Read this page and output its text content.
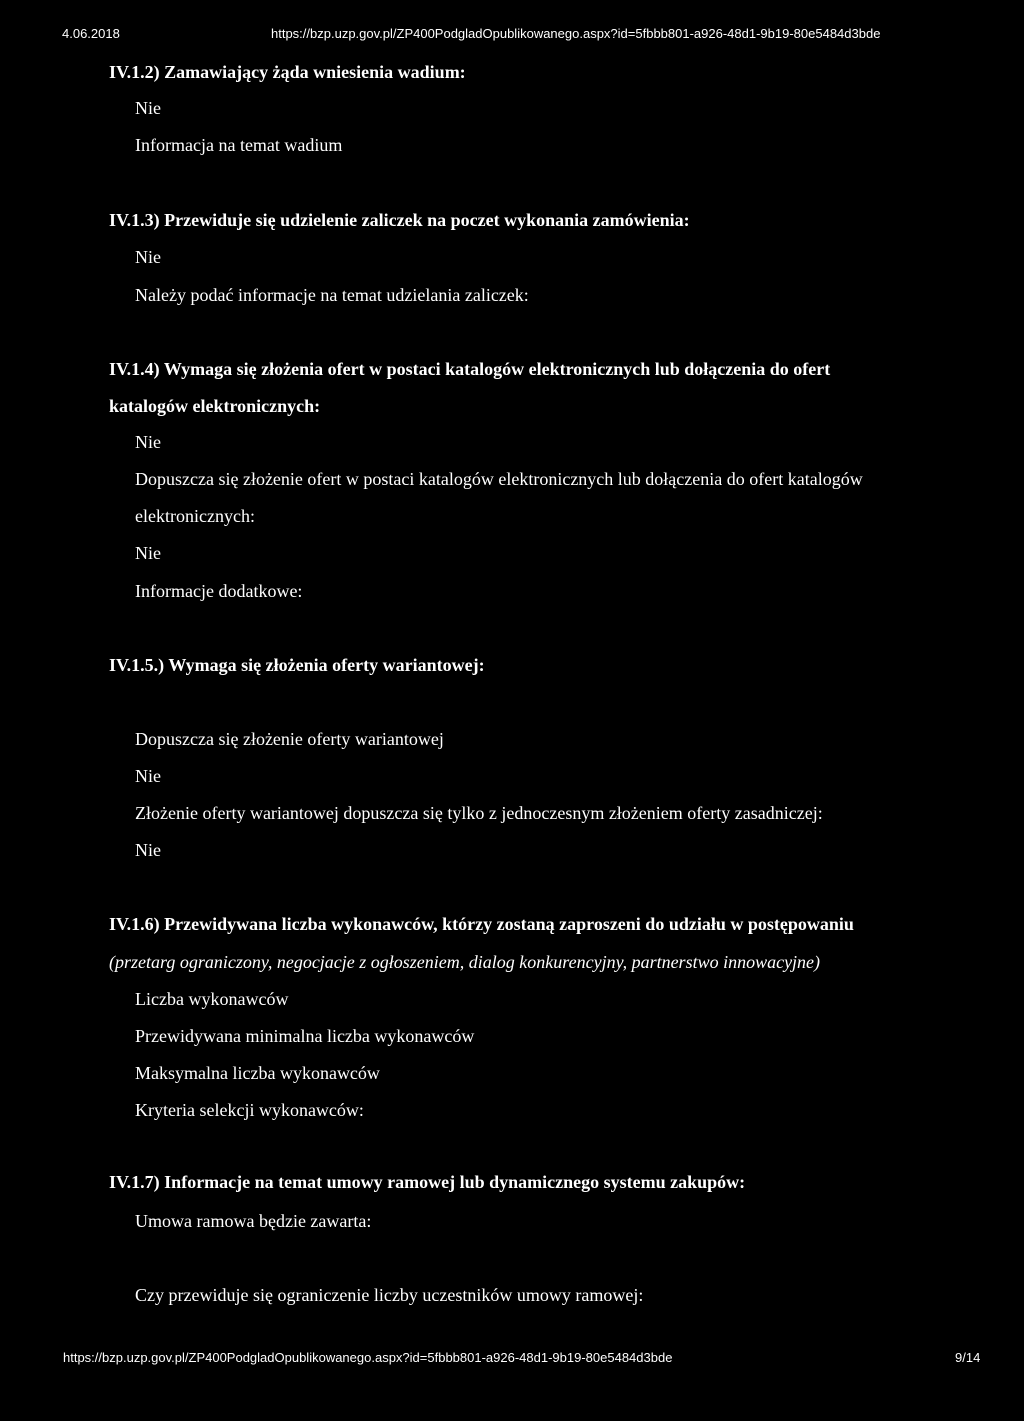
4.06.2018	https://bzp.uzp.gov.pl/ZP400PodgladOpublikowanego.aspx?id=5fbbb801-a926-48d1-9b19-80e5484d3bde
IV.1.2) Zamawiający żąda wniesienia wadium:
Nie
Informacja na temat wadium
IV.1.3) Przewiduje się udzielenie zaliczek na poczet wykonania zamówienia:
Nie
Należy podać informacje na temat udzielania zaliczek:
IV.1.4) Wymaga się złożenia ofert w postaci katalogów elektronicznych lub dołączenia do ofert
katalogów elektronicznych:
Nie
Dopuszcza się złożenie ofert w postaci katalogów elektronicznych lub dołączenia do ofert katalogów
elektronicznych:
Nie
Informacje dodatkowe:
IV.1.5.) Wymaga się złożenia oferty wariantowej:
Dopuszcza się złożenie oferty wariantowej
Nie
Złożenie oferty wariantowej dopuszcza się tylko z jednoczesnym złożeniem oferty zasadniczej:
Nie
IV.1.6) Przewidywana liczba wykonawców, którzy zostaną zaproszeni do udziału w postępowaniu
(przetarg ograniczony, negocjacje z ogłoszeniem, dialog konkurencyjny, partnerstwo innowacyjne)
Liczba wykonawców
Przewidywana minimalna liczba wykonawców
Maksymalna liczba wykonawców
Kryteria selekcji wykonawców:
IV.1.7) Informacje na temat umowy ramowej lub dynamicznego systemu zakupów:
Umowa ramowa będzie zawarta:
Czy przewiduje się ograniczenie liczby uczestników umowy ramowej:
https://bzp.uzp.gov.pl/ZP400PodgladOpublikowanego.aspx?id=5fbbb801-a926-48d1-9b19-80e5484d3bde	9/14
